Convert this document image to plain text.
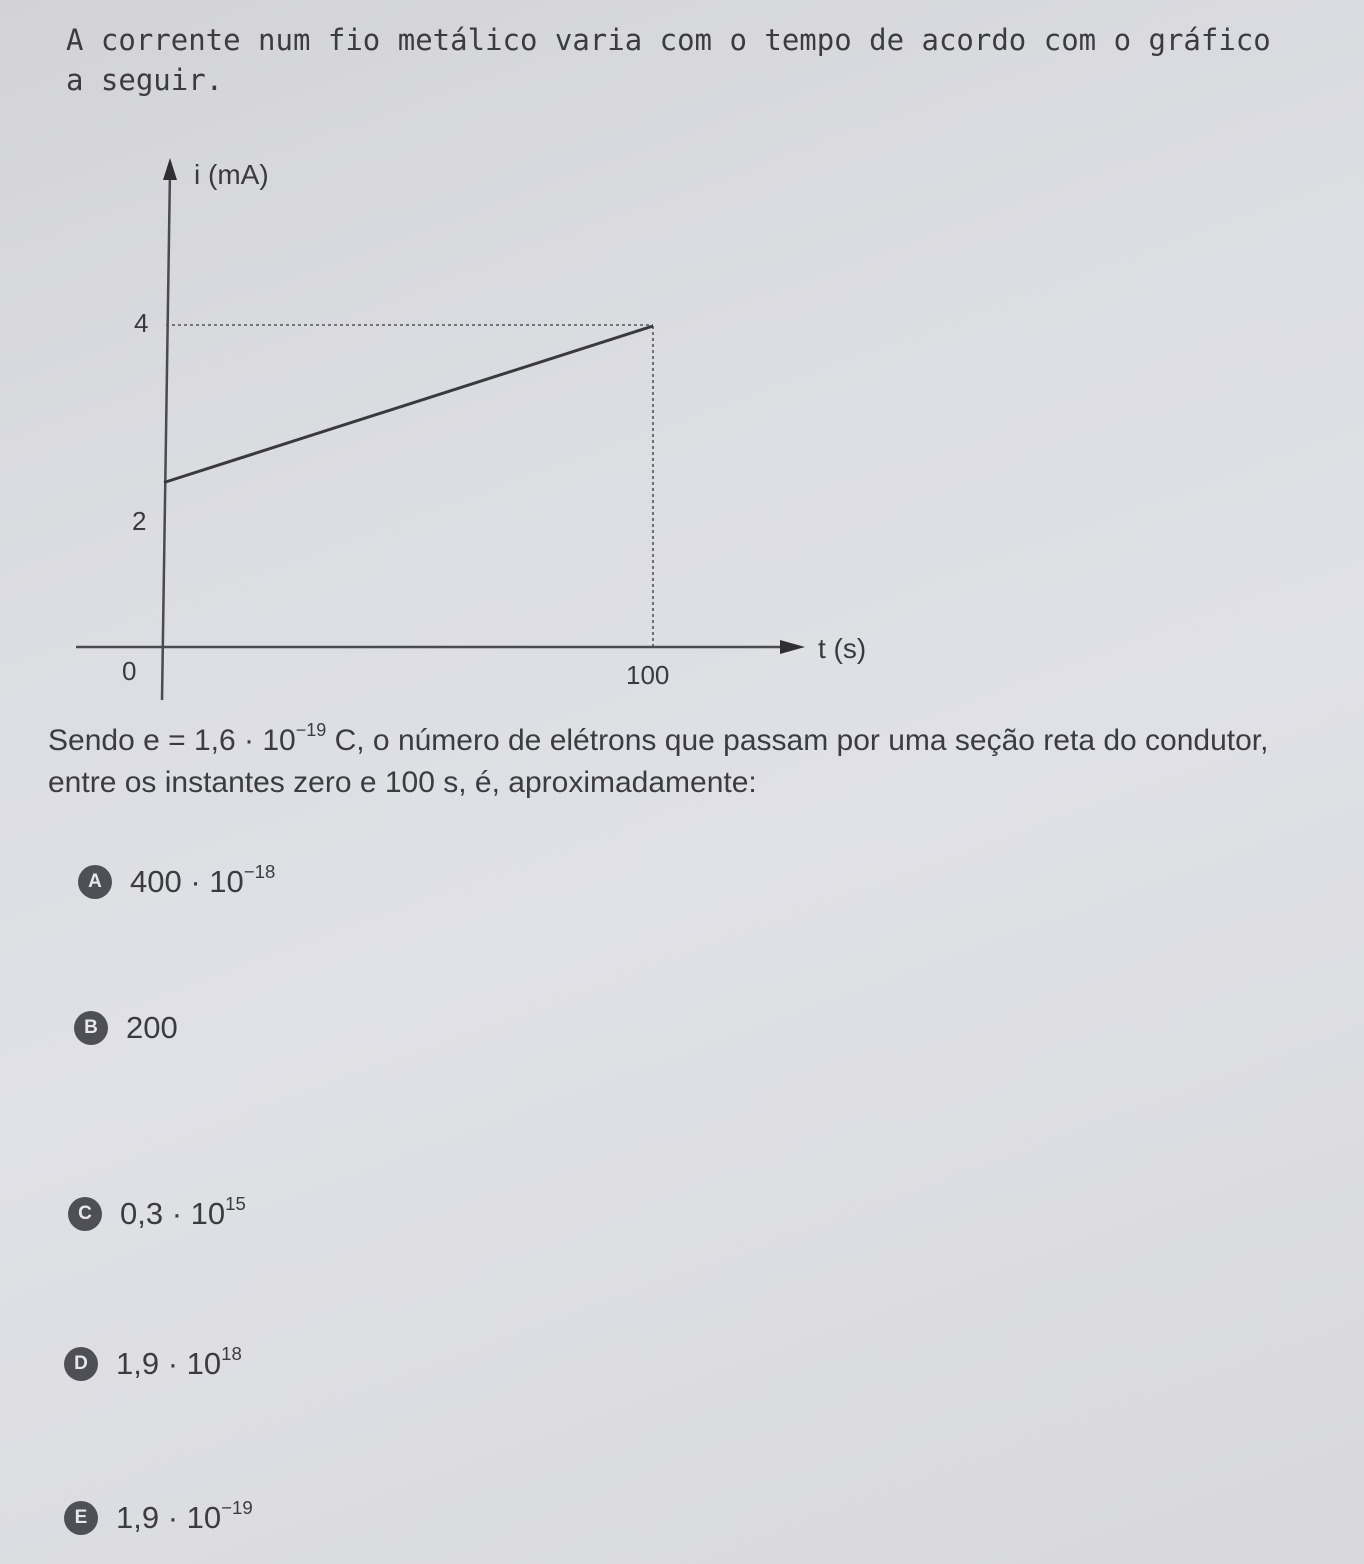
A corrente num fio metálico varia com o tempo de acordo com o gráfico a seguir.

i (mA)
t (s)
4
2
0	100

Sendo $e = 1,6 \cdot 10^{-19}$ C, o número de elétrons que passam por uma seção reta do condutor, entre os instantes zero e 100 s, é, aproximadamente:

A $400 \cdot 10^{-18}$
B 200
C $0,3 \cdot 10^{15}$
D $1,9 \cdot 10^{18}$
E $1,9 \cdot 10^{-19}$
